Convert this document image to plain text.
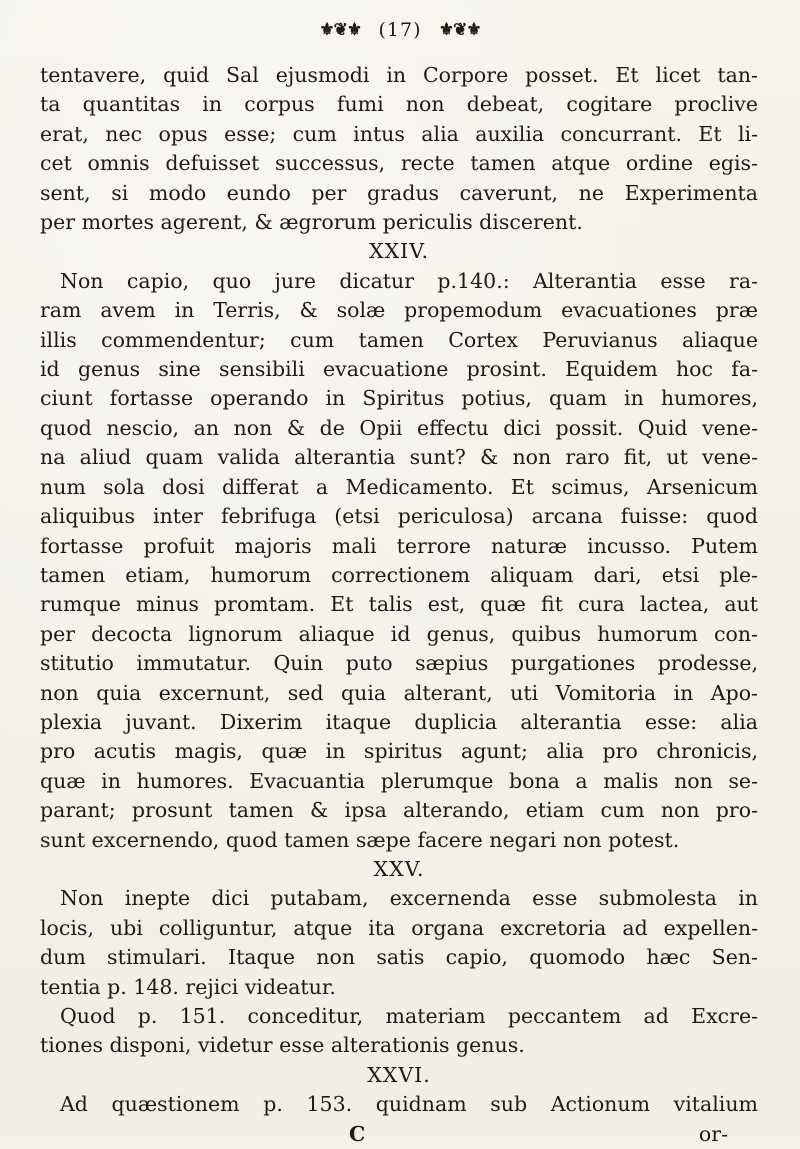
⚜❦⚜ (17) ⚜❦⚜
tentavere, quid Sal ejusmodi in Corpore posset. Et licet tan-
ta quantitas in corpus fumi non debeat, cogitare proclive
erat, nec opus esse; cum intus alia auxilia concurrant. Et li-
cet omnis defuisset successus, recte tamen atque ordine egis-
sent, si modo eundo per gradus caverunt, ne Experimenta
per mortes agerent, & ægrorum periculis discerent.
XXIV.
Non capio, quo jure dicatur p.140.: Alterantia esse ra-
ram avem in Terris, & solæ propemodum evacuationes præ
illis commendentur; cum tamen Cortex Peruvianus aliaque
id genus sine sensibili evacuatione prosint. Equidem hoc fa-
ciunt fortasse operando in Spiritus potius, quam in humores,
quod nescio, an non & de Opii effectu dici possit. Quid vene-
na aliud quam valida alterantia sunt? & non raro fit, ut vene-
num sola dosi differat a Medicamento. Et scimus, Arsenicum
aliquibus inter febrifuga (etsi periculosa) arcana fuisse: quod
fortasse profuit majoris mali terrore naturæ incusso. Putem
tamen etiam, humorum correctionem aliquam dari, etsi ple-
rumque minus promtam. Et talis est, quæ fit cura lactea, aut
per decocta lignorum aliaque id genus, quibus humorum con-
stitutio immutatur. Quin puto sæpius purgationes prodesse,
non quia excernunt, sed quia alterant, uti Vomitoria in Apo-
plexia juvant. Dixerim itaque duplicia alterantia esse: alia
pro acutis magis, quæ in spiritus agunt; alia pro chronicis,
quæ in humores. Evacuantia plerumque bona a malis non se-
parant; prosunt tamen & ipsa alterando, etiam cum non pro-
sunt excernendo, quod tamen sæpe facere negari non potest.
XXV.
Non inepte dici putabam, excernenda esse submolesta in
locis, ubi colliguntur, atque ita organa excretoria ad expellen-
dum stimulari. Itaque non satis capio, quomodo hæc Sen-
tentia p. 148. rejici videatur.
Quod p. 151. conceditur, materiam peccantem ad Excre-
tiones disponi, videtur esse alterationis genus.
XXVI.
Ad quæstionem p. 153. quidnam sub Actionum vitalium
C	or-
